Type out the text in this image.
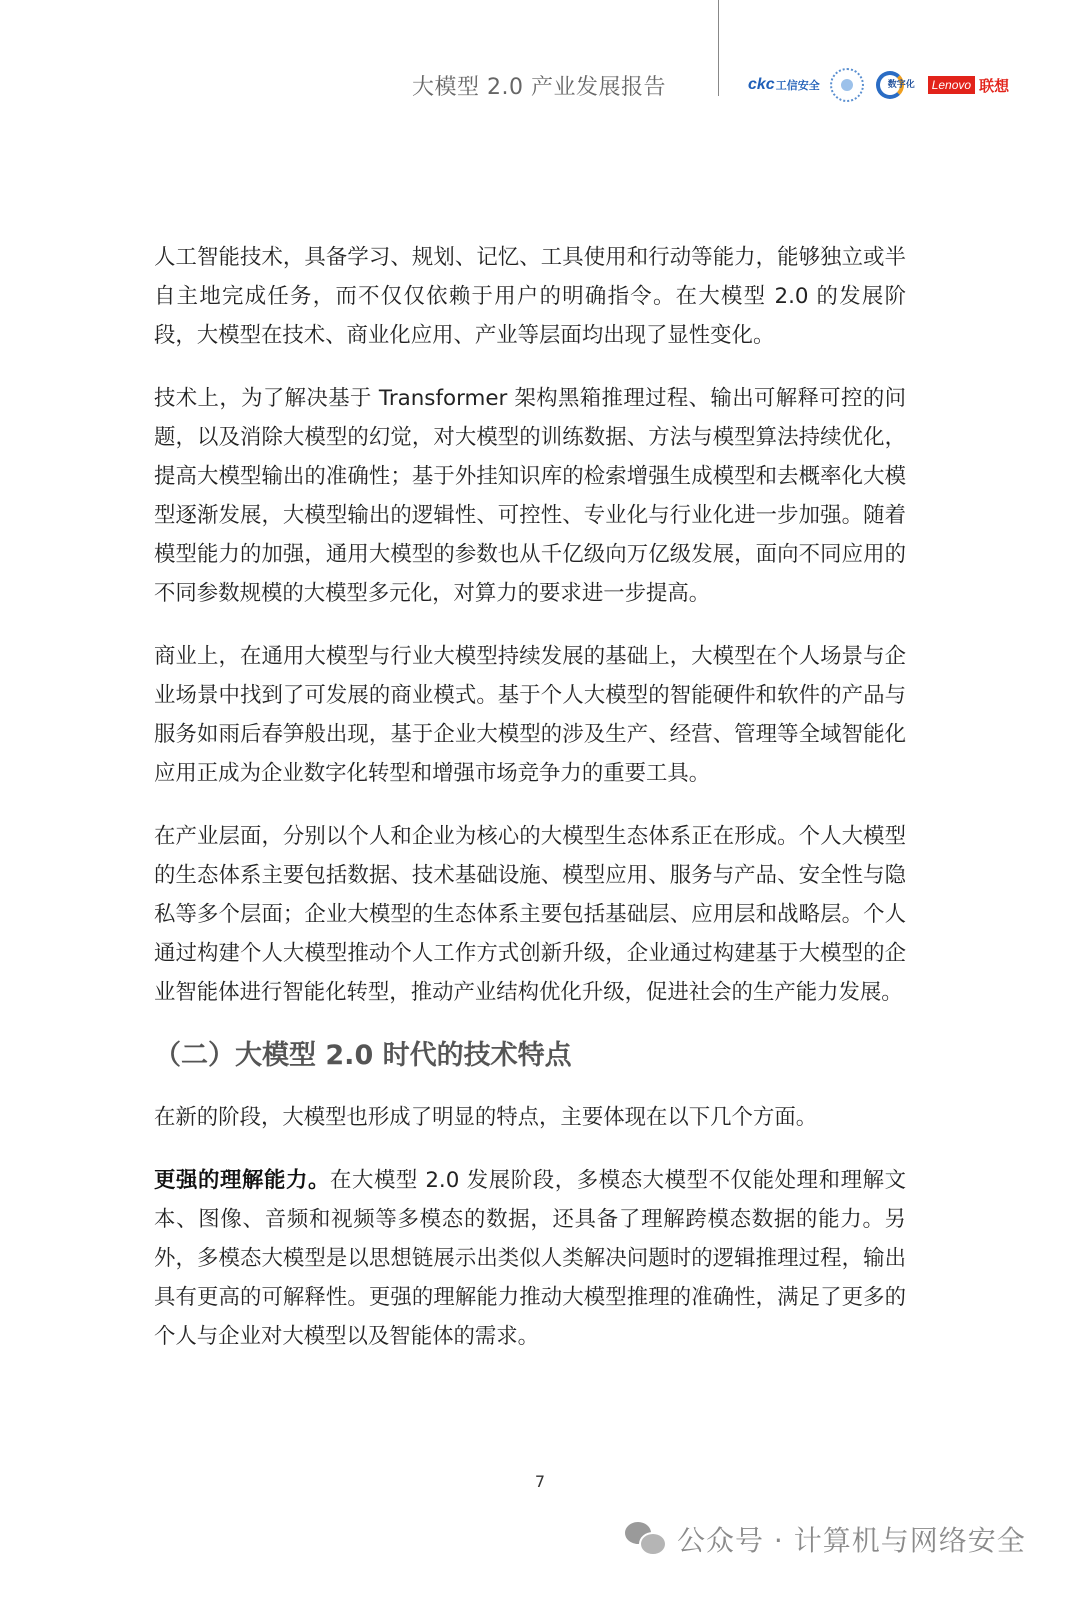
大模型 2.0 产业发展报告	ckc工信安全	数字化	Lenovo 联想

人工智能技术，具备学习、规划、记忆、工具使用和行动等能力，能够独立或半自主地完成任务，而不仅仅依赖于用户的明确指令。在大模型 2.0 的发展阶段，大模型在技术、商业化应用、产业等层面均出现了显性变化。

技术上，为了解决基于 Transformer 架构黑箱推理过程、输出可解释可控的问题，以及消除大模型的幻觉，对大模型的训练数据、方法与模型算法持续优化，提高大模型输出的准确性；基于外挂知识库的检索增强生成模型和去概率化大模型逐渐发展，大模型输出的逻辑性、可控性、专业化与行业化进一步加强。随着模型能力的加强，通用大模型的参数也从千亿级向万亿级发展，面向不同应用的不同参数规模的大模型多元化，对算力的要求进一步提高。

商业上，在通用大模型与行业大模型持续发展的基础上，大模型在个人场景与企业场景中找到了可发展的商业模式。基于个人大模型的智能硬件和软件的产品与服务如雨后春笋般出现，基于企业大模型的涉及生产、经营、管理等全域智能化应用正成为企业数字化转型和增强市场竞争力的重要工具。

在产业层面，分别以个人和企业为核心的大模型生态体系正在形成。个人大模型的生态体系主要包括数据、技术基础设施、模型应用、服务与产品、安全性与隐私等多个层面；企业大模型的生态体系主要包括基础层、应用层和战略层。个人通过构建个人大模型推动个人工作方式创新升级，企业通过构建基于大模型的企业智能体进行智能化转型，推动产业结构优化升级，促进社会的生产能力发展。

（二）大模型 2.0 时代的技术特点

在新的阶段，大模型也形成了明显的特点，主要体现在以下几个方面。

更强的理解能力。在大模型 2.0 发展阶段，多模态大模型不仅能处理和理解文本、图像、音频和视频等多模态的数据，还具备了理解跨模态数据的能力。另外，多模态大模型是以思想链展示出类似人类解决问题时的逻辑推理过程，输出具有更高的可解释性。更强的理解能力推动大模型推理的准确性，满足了更多的个人与企业对大模型以及智能体的需求。

7
公众号 · 计算机与网络安全
